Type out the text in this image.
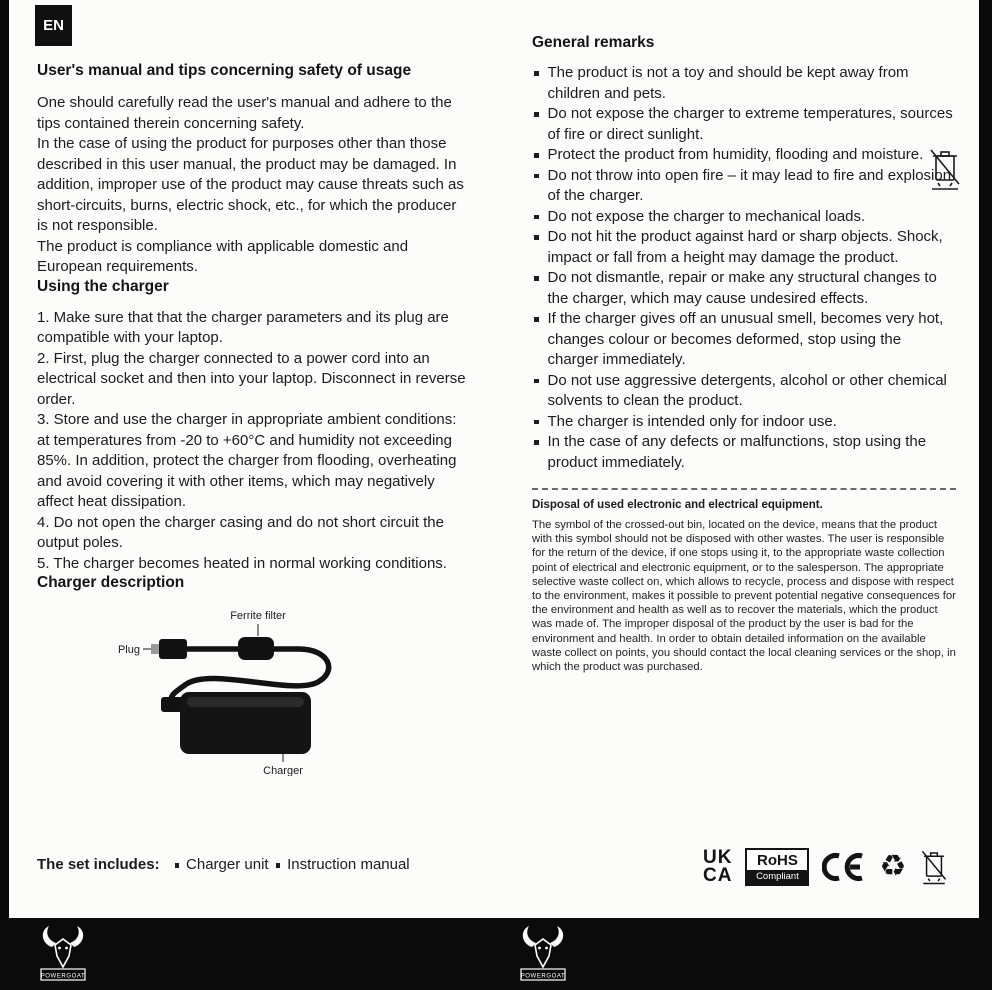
EN
User's manual and tips concerning safety of usage

One should carefully read the user's manual and adhere to the tips contained therein concerning safety.

In the case of using the product for purposes other than those described in this user manual, the product may be damaged. In addition, improper use of the product may cause threats such as short-circuits, burns, electric shock, etc., for which the producer is not responsible.

The product is compliance with applicable domestic and European requirements.

Using the charger

1. Make sure that that the charger parameters and its plug are compatible with your laptop.

2. First, plug the charger connected to a power cord into an electrical socket and then into your laptop. Disconnect in reverse order.

3. Store and use the charger in appropriate ambient conditions: at temperatures from -20 to +60°C and humidity not exceeding 85%. In addition, protect the charger from flooding, overheating and avoid covering it with other items, which may negatively affect heat dissipation.

4. Do not open the charger casing and do not short circuit the output poles.

5. The charger becomes heated in normal working conditions.

Charger description
Ferrite filter
Plug
Charger
The set includes: Charger unit Instruction manual
General remarks
The product is not a toy and should be kept away from children and pets.
Do not expose the charger to extreme temperatures, sources of fire or direct sunlight.
Protect the product from humidity, flooding and moisture.
Do not throw into open fire – it may lead to fire and explosion of the charger.
Do not expose the charger to mechanical loads.
Do not hit the product against hard or sharp objects. Shock, impact or fall from a height may damage the product.
Do not dismantle, repair or make any structural changes to the charger, which may cause undesired effects.
If the charger gives off an unusual smell, becomes very hot, changes colour or becomes deformed, stop using the charger immediately.
Do not use aggressive detergents, alcohol or other chemical solvents to clean the product.
The charger is intended only for indoor use.
In the case of any defects or malfunctions, stop using the product immediately.

Disposal of used electronic and electrical equipment.

The symbol of the crossed-out bin, located on the device, means that the product with this symbol should not be disposed with other wastes. The user is responsible for the return of the device, if one stops using it, to the appropriate waste collection point of electrical and electronic equipment, or to the salesperson. The appropriate selective waste collect on, which allows to recycle, process and dispose with respect to the environment, makes it possible to prevent potential negative consequences for the environment and health as well as to recover the materials, which the product was made of. The improper disposal of the product by the user is bad for the environment and health. In order to obtain detailed information on the available waste collect on points, you should contact the local cleaning services or the shop, in which the product was purchased.

UK
CA
RoHS
Compliant	♻
POWERGOAT	POWERGOAT
